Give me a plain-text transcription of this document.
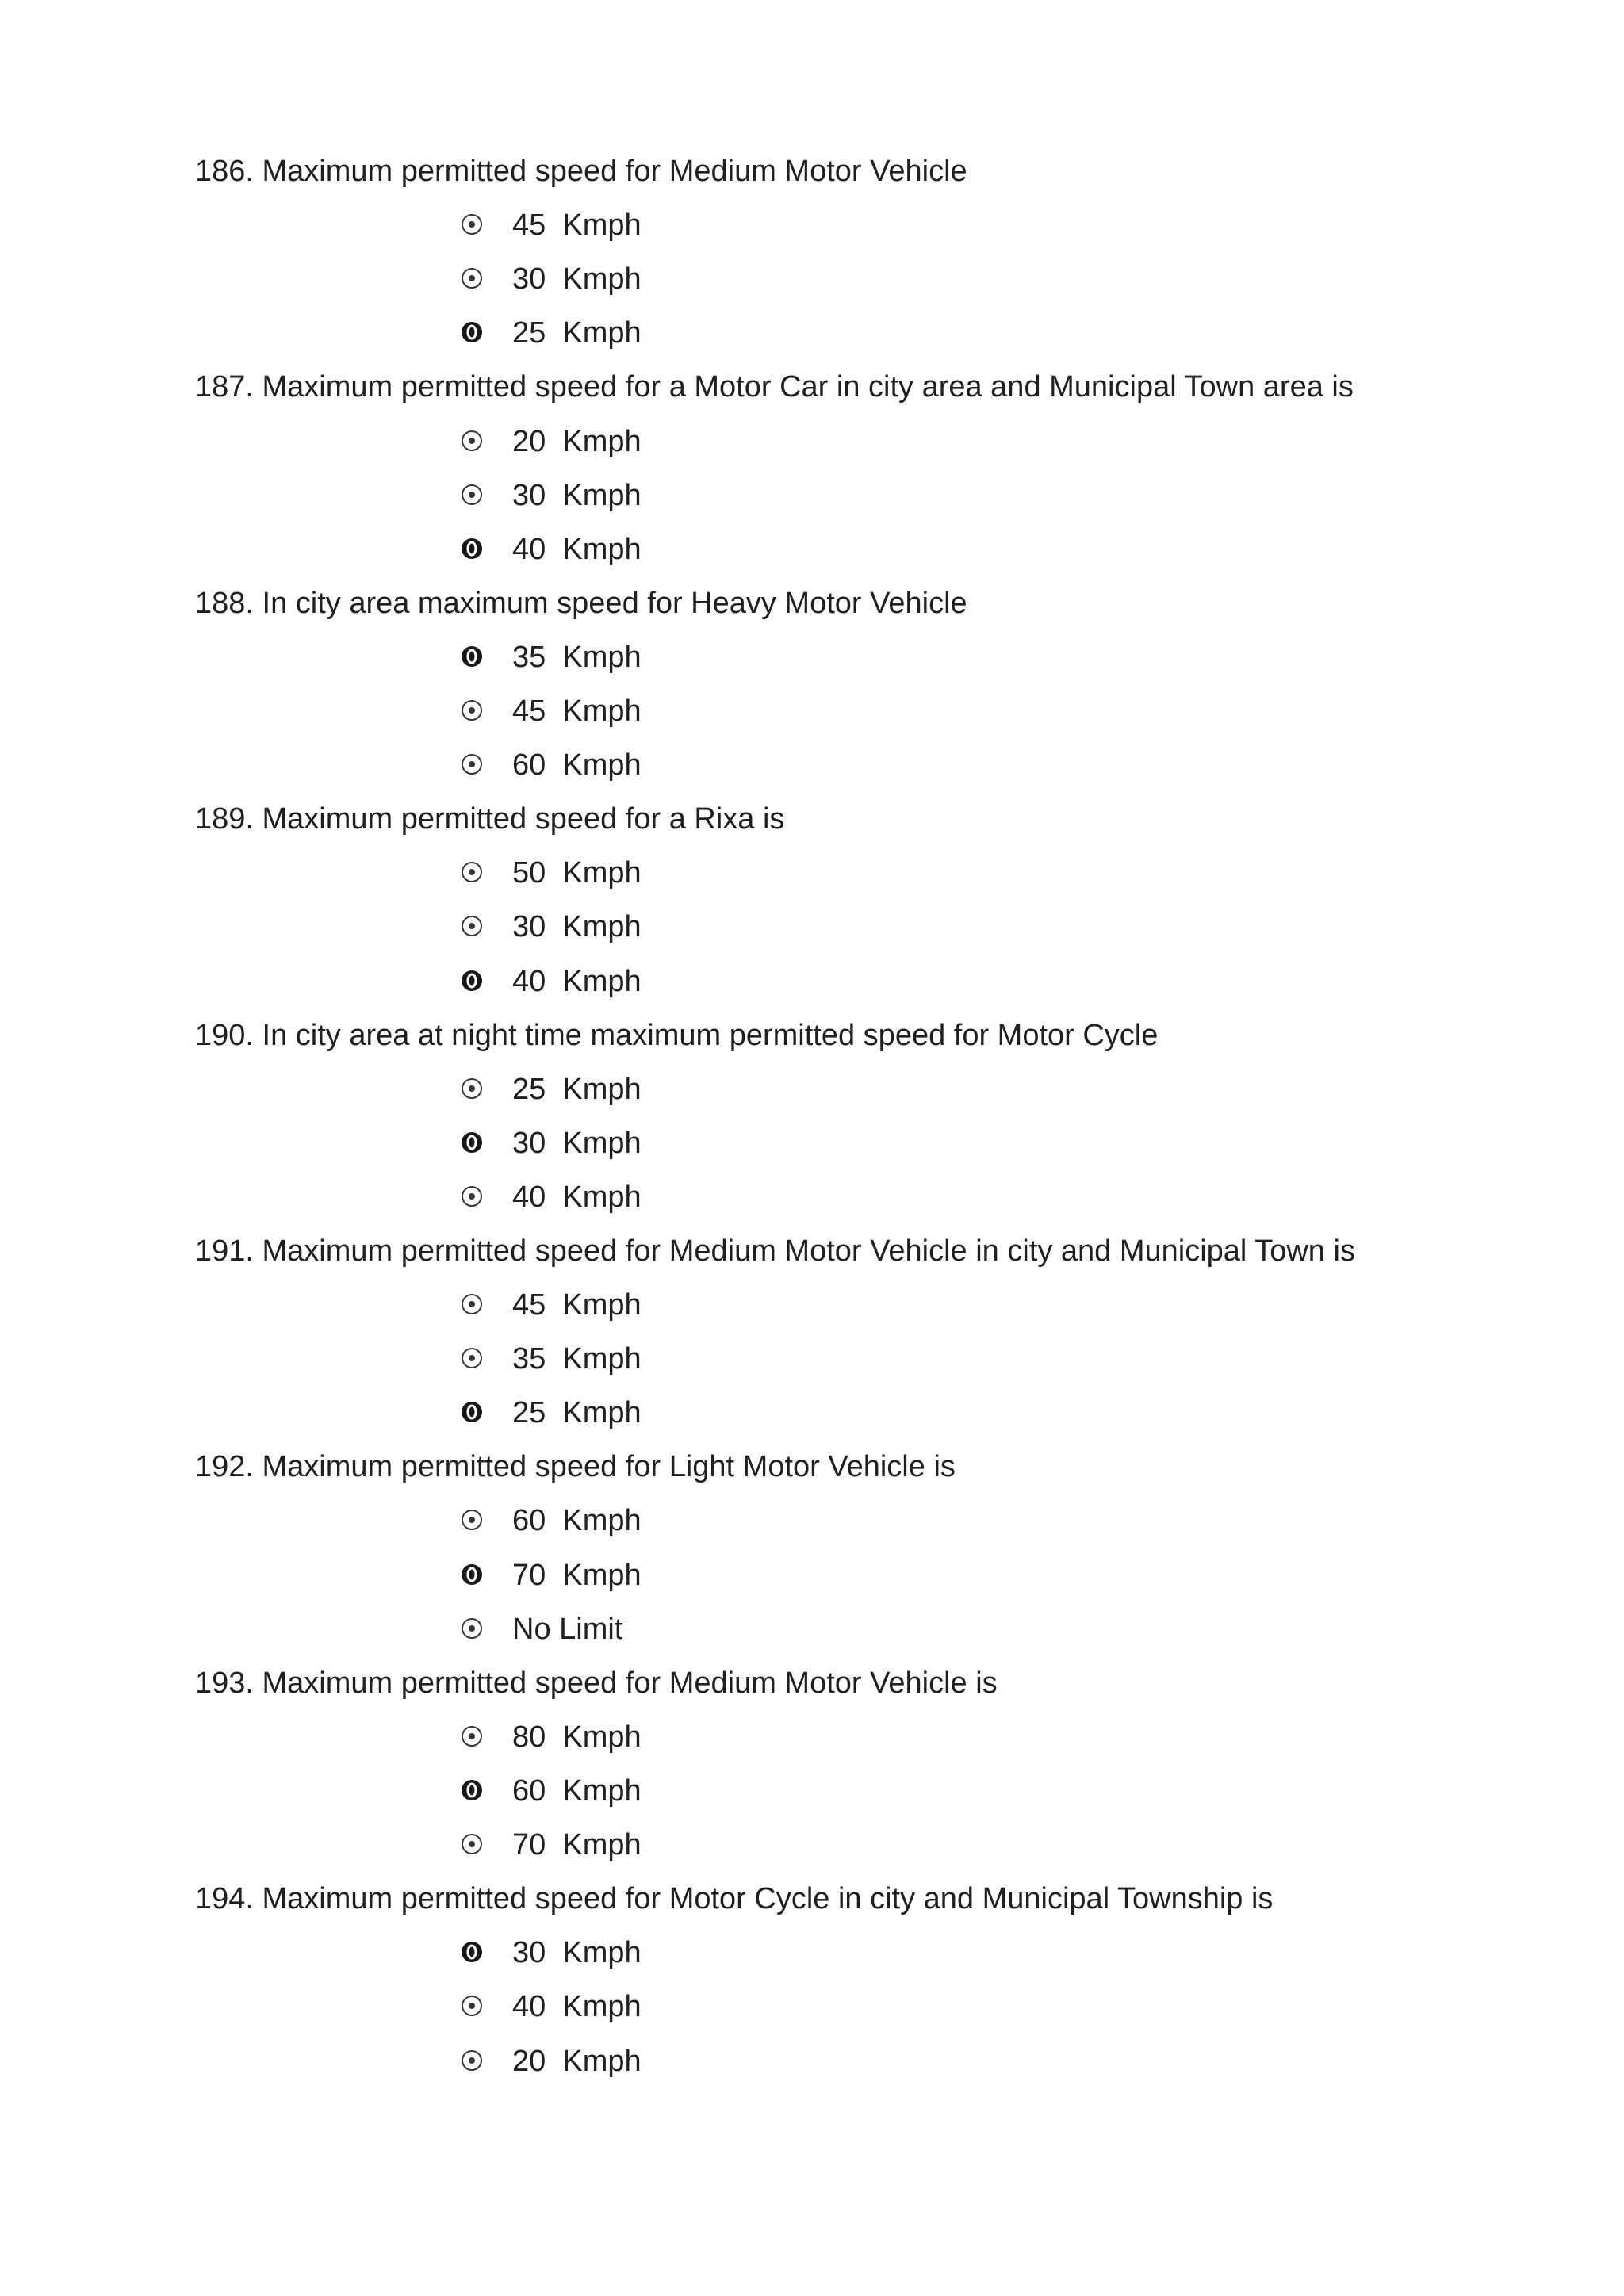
186. Maximum permitted speed for Medium Motor Vehicle
45  Kmph
30  Kmph
25  Kmph
187. Maximum permitted speed for a Motor Car in city area and Municipal Town area is
20  Kmph
30  Kmph
40  Kmph
188. In city area maximum speed for Heavy Motor Vehicle
35  Kmph
45  Kmph
60  Kmph
189. Maximum permitted speed for a Rixa is
50  Kmph
30  Kmph
40  Kmph
190. In city area at night time maximum permitted speed for Motor Cycle
25  Kmph
30  Kmph
40  Kmph
191. Maximum permitted speed for Medium Motor Vehicle in city and Municipal Town is
45  Kmph
35  Kmph
25  Kmph
192. Maximum permitted speed for Light Motor Vehicle is
60  Kmph
70  Kmph
No Limit
193. Maximum permitted speed for Medium Motor Vehicle is
80  Kmph
60  Kmph
70  Kmph
194. Maximum permitted speed for Motor Cycle in city and Municipal Township is
30  Kmph
40  Kmph
20  Kmph
